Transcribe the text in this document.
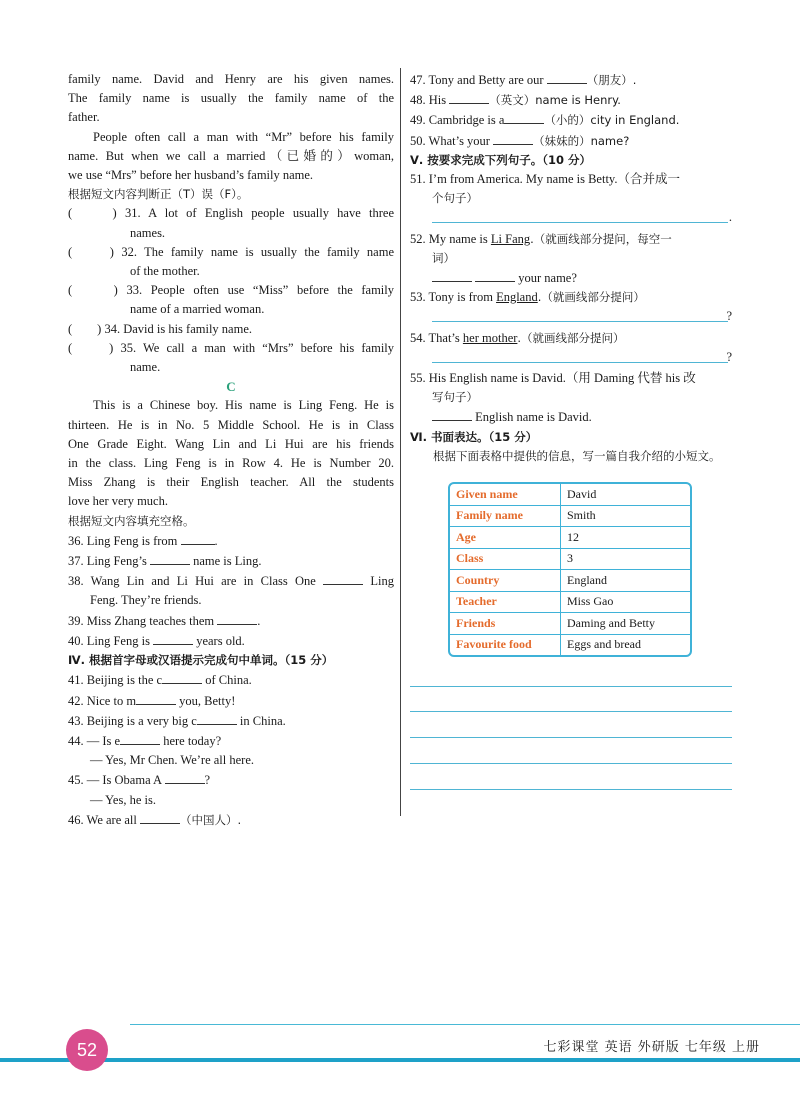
family name. David and Henry are his given names.
The family name is usually the family name of the
father.
People often call a man with “Mr” before his family
name. But when we call a married（已婚的）woman,
we use “Mrs” before her husband’s family name.
根据短文内容判断正（T）误（F）。
(　　) 31. A lot of English people usually have three
names.
(　　) 32. The family name is usually the family name
of the mother.
(　　) 33. People often use “Miss” before the family
name of a married woman.
(　　) 34. David is his family name.
(　　) 35. We call a man with “Mrs” before his family
name.
C
This is a Chinese boy. His name is Ling Feng. He is
thirteen. He is in No. 5 Middle School. He is in Class
One Grade Eight. Wang Lin and Li Hui are his friends
in the class. Ling Feng is in Row 4. He is Number 20.
Miss Zhang is their English teacher. All the students
love her very much.
根据短文内容填充空格。
36. Ling Feng is from	.
37. Ling Feng’s	name is Ling.
38. Wang Lin and Li Hui are in Class One	Ling
Feng. They’re friends.
39. Miss Zhang teaches them	.
40. Ling Feng is	years old.
Ⅳ. 根据首字母或汉语提示完成句中单词。（15 分）
41. Beijing is the c	of China.
42. Nice to m	you, Betty!
43. Beijing is a very big c	in China.
44. — Is e	here today?
— Yes, Mr Chen. We’re all here.
45. — Is Obama A	?
— Yes, he is.
46. We are all	（中国人）.
47. Tony and Betty are our	（朋友）.
48. His	（英文）name is Henry.
49. Cambridge is a	（小的）city in England.
50. What’s your	（妹妹的）name?
Ⅴ. 按要求完成下列句子。（10 分）
51. I’m from America. My name is Betty.（合并成一
个句子）
.
52. My name is Li Fang.（就画线部分提问，每空一
词）
your name?
53. Tony is from England.（就画线部分提问）
?
54. That’s her mother.（就画线部分提问）
?
55. His English name is David.（用 Daming 代替 his 改
写句子）
English name is David.
Ⅵ. 书面表达。（15 分）
根据下面表格中提供的信息，写一篇自我介绍的小短文。
Given name	David
Family name	Smith
Age	12
Class	3
Country	England
Teacher	Miss Gao
Friends	Daming and Betty
Favourite food	Eggs and bread
52	七彩课堂 英语 外研版 七年级 上册
